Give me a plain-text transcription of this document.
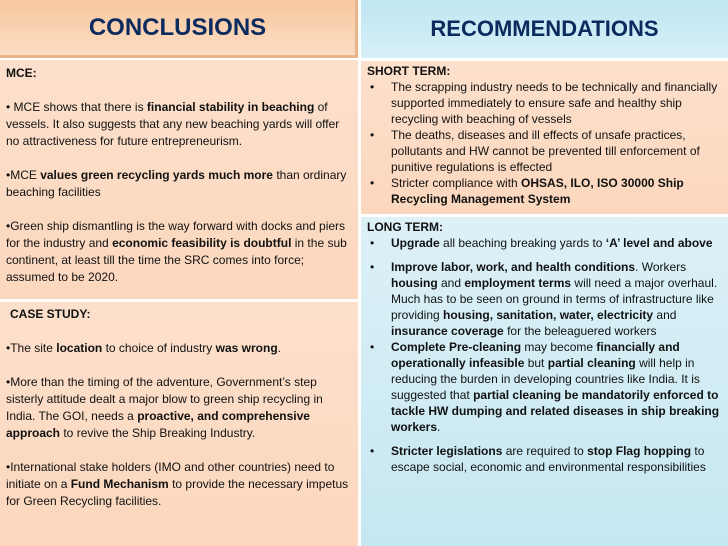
CONCLUSIONS	RECOMMENDATIONS

MCE:

• MCE shows that there is financial stability in beaching of vessels. It also suggests that any new beaching yards will offer no attractiveness for future entrepreneurism.

•MCE values green recycling yards much more than ordinary beaching facilities

•Green ship dismantling is the way forward with docks and piers for the industry and economic feasibility is doubtful in the sub continent, at least till the time the SRC comes into force; assumed to be 2020.

CASE STUDY:

•The site location to choice of industry was wrong.

•More than the timing of the adventure, Government’s step sisterly attitude dealt a major blow to green ship recycling in India. The GOI, needs a proactive, and comprehensive approach to revive the Ship Breaking Industry.

•International stake holders (IMO and other countries) need to initiate on a Fund Mechanism to provide the necessary impetus for Green Recycling facilities.

SHORT TERM:

• The scrapping industry needs to be technically and financially supported immediately to ensure safe and healthy ship recycling with beaching of vessels
• The deaths, diseases and ill effects of unsafe practices, pollutants and HW cannot be prevented till enforcement of punitive regulations is effected
• Stricter compliance with OHSAS, ILO, ISO 30000 Ship Recycling Management System

LONG TERM:

• Upgrade all beaching breaking yards to ‘A’ level and above
• Improve labor, work, and health conditions. Workers housing and employment terms will need a major overhaul. Much has to be seen on ground in terms of infrastructure like providing housing, sanitation, water, electricity and insurance coverage for the beleaguered workers
• Complete Pre-cleaning may become financially and operationally infeasible but partial cleaning will help in reducing the burden in developing countries like India. It is suggested that partial cleaning be mandatorily enforced to tackle HW dumping and related diseases in ship breaking workers.
• Stricter legislations are required to stop Flag hopping to escape social, economic and environmental responsibilities
